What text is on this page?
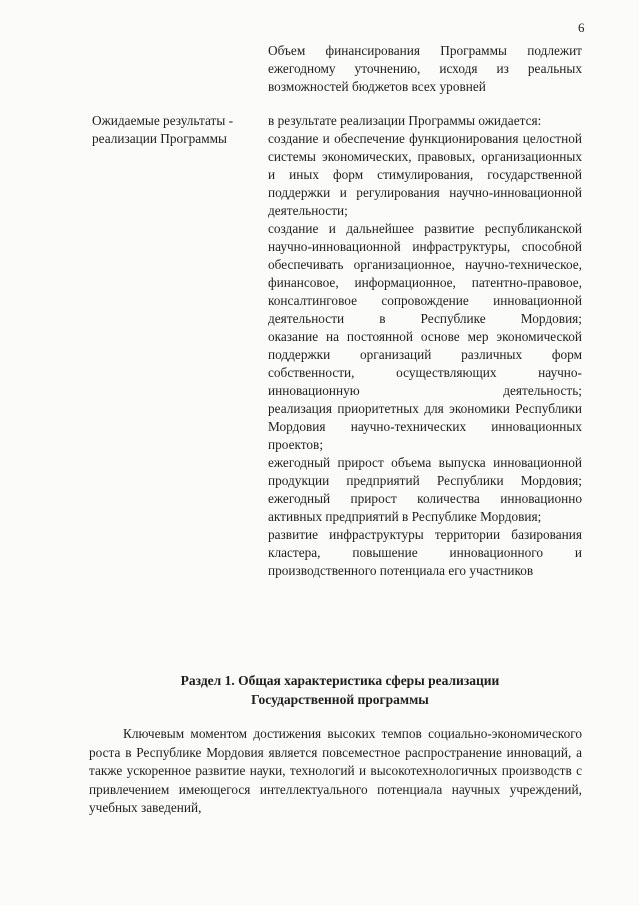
6
Объем финансирования Программы подлежит ежегодному уточнению, исходя из реальных возможностей бюджетов всех уровней
Ожидаемые результаты - реализации Программы

в результате реализации Программы ожидается:

создание и обеспечение функционирования целостной системы экономических, правовых, организационных и иных форм стимулирования, государственной поддержки и регулирования научно-инновационной деятельности;

создание и дальнейшее развитие республиканской научно-инновационной инфраструктуры, способной обеспечивать организационное, научно-техническое, финансовое, информационное, патентно-правовое, консалтинговое сопровождение инновационной деятельности в Республике Мордовия;

оказание на постоянной основе мер экономической поддержки организаций различных форм собственности, осуществляющих научно-инновационную деятельность;

реализация приоритетных для экономики Республики Мордовия научно-технических инновационных проектов;

ежегодный прирост объема выпуска инновационной продукции предприятий Республики Мордовия;

ежегодный прирост количества инновационно активных предприятий в Республике Мордовия;

развитие инфраструктуры территории базирования кластера, повышение инновационного и производственного потенциала его участников

Раздел 1. Общая характеристика сферы реализации
Государственной программы
Ключевым моментом достижения высоких темпов социально-экономического роста в Республике Мордовия является повсеместное распространение инноваций, а также ускоренное развитие науки, технологий и высокотехнологичных производств с привлечением имеющегося интеллектуального потенциала научных учреждений, учебных заведений,
